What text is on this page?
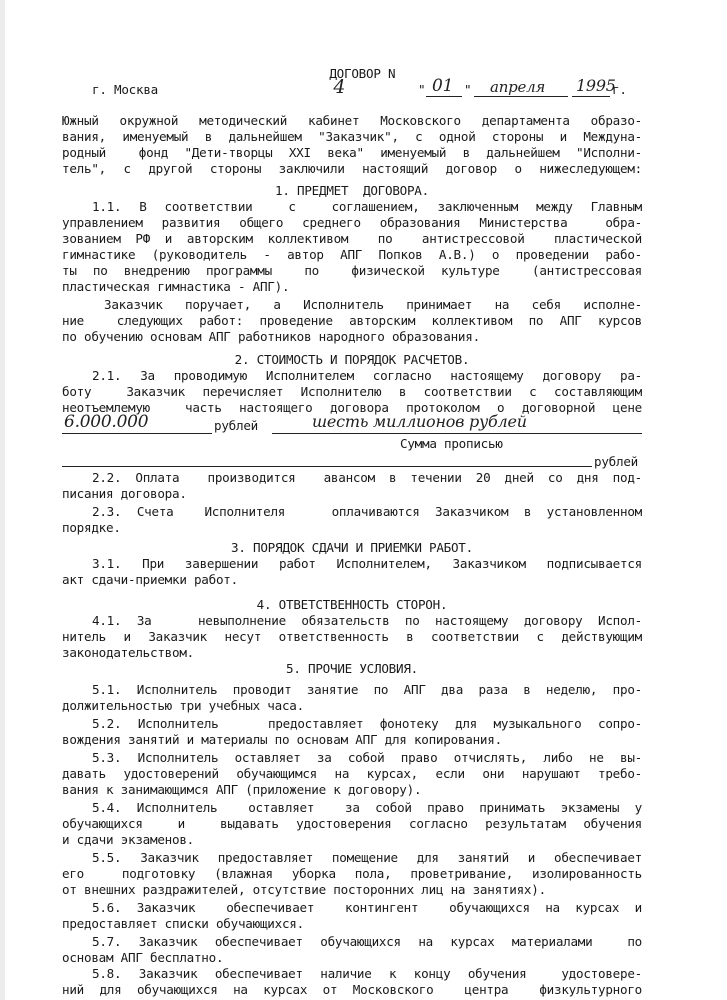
ДОГОВОР N
4

г. Москва	" 01 " апреля 1995
г.
Южный окружной методический кабинет Московского департамента образо-
вания, именуемый в дальнейшем "Заказчик", с одной стороны и Междуна-
родный  фонд "Дети-творцы XXI века" именуемый в дальнейшем "Исполни-
тель", с другой стороны заключили настоящий договор о нижеследующем:
1. ПРЕДМЕТ  ДОГОВОРА.
1.1. В соответствии  с  соглашением, заключенным между Главным
управлением развития общего среднего образования Министерства  обра-
зованием РФ и авторским коллективом  по  антистрессовой  пластической
гимнастике (руководитель - автор АПГ Попков А.В.) о проведении рабо-
ты по внедрению программы  по  физической культуре  (антистрессовая
пластическая гимнастика - АПГ).
Заказчик поручает, а Исполнитель принимает на себя исполне-
ние  следующих работ: проведение авторским коллективом по АПГ курсов
по обучению основам АПГ работников народного образования.
2. СТОИМОСТЬ И ПОРЯДОК РАСЧЕТОВ.
2.1. За проводимую Исполнителем согласно настоящему договору ра-
боту  Заказчик перечисляет Исполнителю в соответствии с составляющим
неотъемлемую  часть настоящего договора протоколом о договорной цене
6.000.000	рублей	шесть миллионов рублей
Сумма прописью
рублей
2.2. Оплата  производится  авансом в течении 20 дней со дня под-
писания договора.
2.3. Счета  Исполнителя   оплачиваются Заказчиком в установленном
порядке.
3. ПОРЯДОК СДАЧИ И ПРИЕМКИ РАБОТ.
3.1. При завершении работ Исполнителем, Заказчиком подписывается
акт сдачи-приемки работ.
4. ОТВЕТСТВЕННОСТЬ СТОРОН.
4.1. За   невыполнение обязательств по настоящему договору Испол-
нитель и Заказчик несут ответственность в соответствии с действующим
законодательством.
5. ПРОЧИЕ УСЛОВИЯ.
5.1. Исполнитель проводит занятие по АПГ два раза в неделю, про-
должительностью три учебных часа.
5.2. Исполнитель   предоставляет фонотеку для музыкального сопро-
вождения занятий и материалы по основам АПГ для копирования.
5.3. Исполнитель оставляет за собой право отчислять, либо не вы-
давать удостоверений обучающимся на курсах, если они нарушают требо-
вания к занимающимся АПГ (приложение к договору).
5.4. Исполнитель  оставляет  за собой право принимать экзамены у
обучающихся  и  выдавать удостоверения согласно результатам обучения
и сдачи экзаменов.
5.5. Заказчик предоставляет помещение для занятий и обеспечивает
его  подготовку (влажная уборка пола, проветривание, изолированность
от внешних раздражителей, отсутствие посторонних лиц на занятиях).
5.6. Заказчик  обеспечивает  контингент  обучающихся на курсах и
предоставляет списки обучающихся.
5.7. Заказчик обеспечивает обучающихся на курсах материалами  по
основам АПГ бесплатно.
5.8. Заказчик обеспечивает наличие к концу обучения  удостовере-
ний для обучающихся на курсах от Московского  центра  физкультурного
